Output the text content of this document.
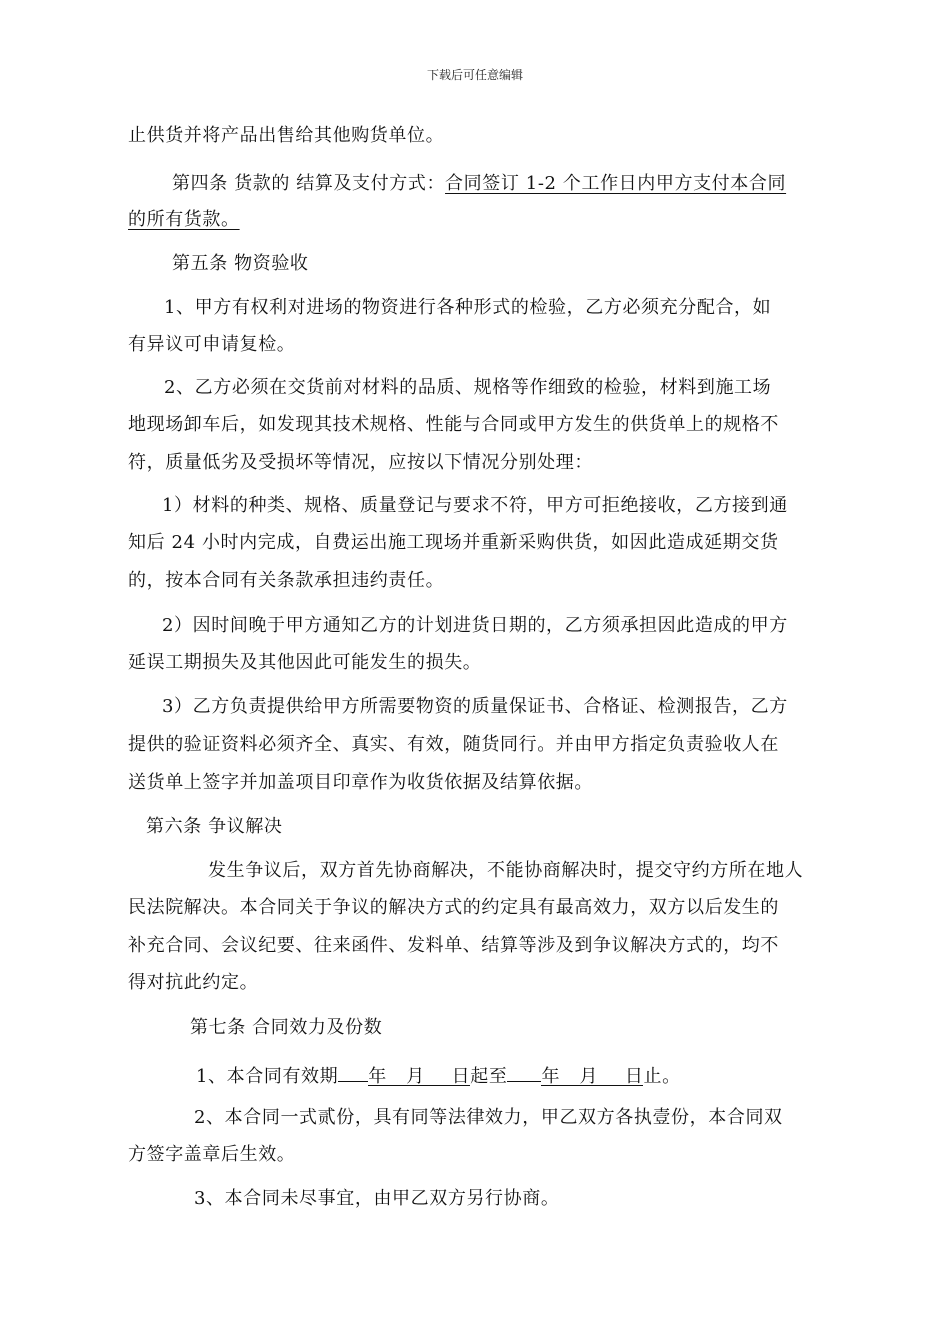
下载后可任意编辑
止供货并将产品出售给其他购货单位。
第四条 货款的 结算及支付方式：合同签订 1-2 个工作日内甲方支付本合同
的所有货款。
第五条 物资验收
1、甲方有权利对进场的物资进行各种形式的检验，乙方必须充分配合，如
有异议可申请复检。
2、乙方必须在交货前对材料的品质、规格等作细致的检验，材料到施工场
地现场卸车后，如发现其技术规格、性能与合同或甲方发生的供货单上的规格不
符，质量低劣及受损坏等情况，应按以下情况分别处理：
1）材料的种类、规格、质量登记与要求不符，甲方可拒绝接收，乙方接到通
知后 24 小时内完成，自费运出施工现场并重新采购供货，如因此造成延期交货
的，按本合同有关条款承担违约责任。
2）因时间晚于甲方通知乙方的计划进货日期的，乙方须承担因此造成的甲方
延误工期损失及其他因此可能发生的损失。
3）乙方负责提供给甲方所需要物资的质量保证书、合格证、检测报告，乙方
提供的验证资料必须齐全、真实、有效，随货同行。并由甲方指定负责验收人在
送货单上签字并加盖项目印章作为收货依据及结算依据。
第六条 争议解决
发生争议后，双方首先协商解决，不能协商解决时，提交守约方所在地人
民法院解决。本合同关于争议的解决方式的约定具有最高效力，双方以后发生的
补充合同、会议纪要、往来函件、发料单、结算等涉及到争议解决方式的，均不
得对抗此约定。
第七条 合同效力及份数
1、本合同有效期 年 月 日起至 年 月 日止。
2、本合同一式贰份，具有同等法律效力，甲乙双方各执壹份，本合同双
方签字盖章后生效。
3、本合同未尽事宜，由甲乙双方另行协商。
